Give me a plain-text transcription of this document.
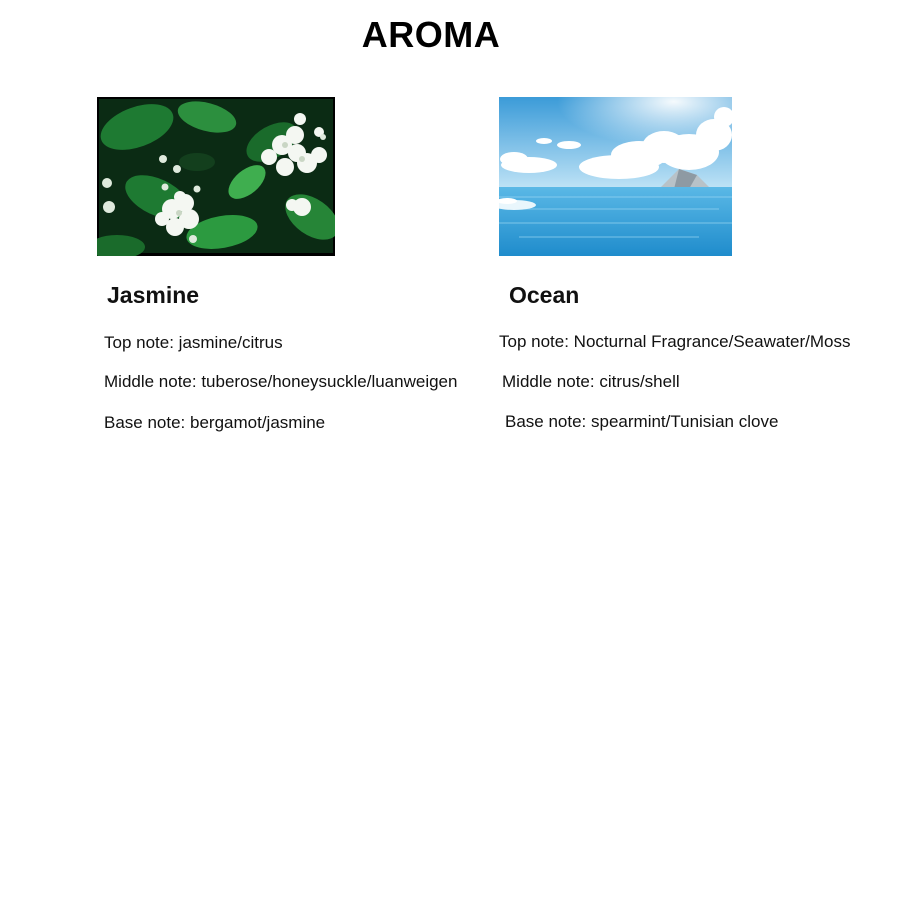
AROMA
Jasmine
Top note: jasmine/citrus
Middle note: tuberose/honeysuckle/luanweigen
Base note: bergamot/jasmine
Ocean
Top note: Nocturnal Fragrance/Seawater/Moss
Middle note: citrus/shell
Base note: spearmint/Tunisian clove
